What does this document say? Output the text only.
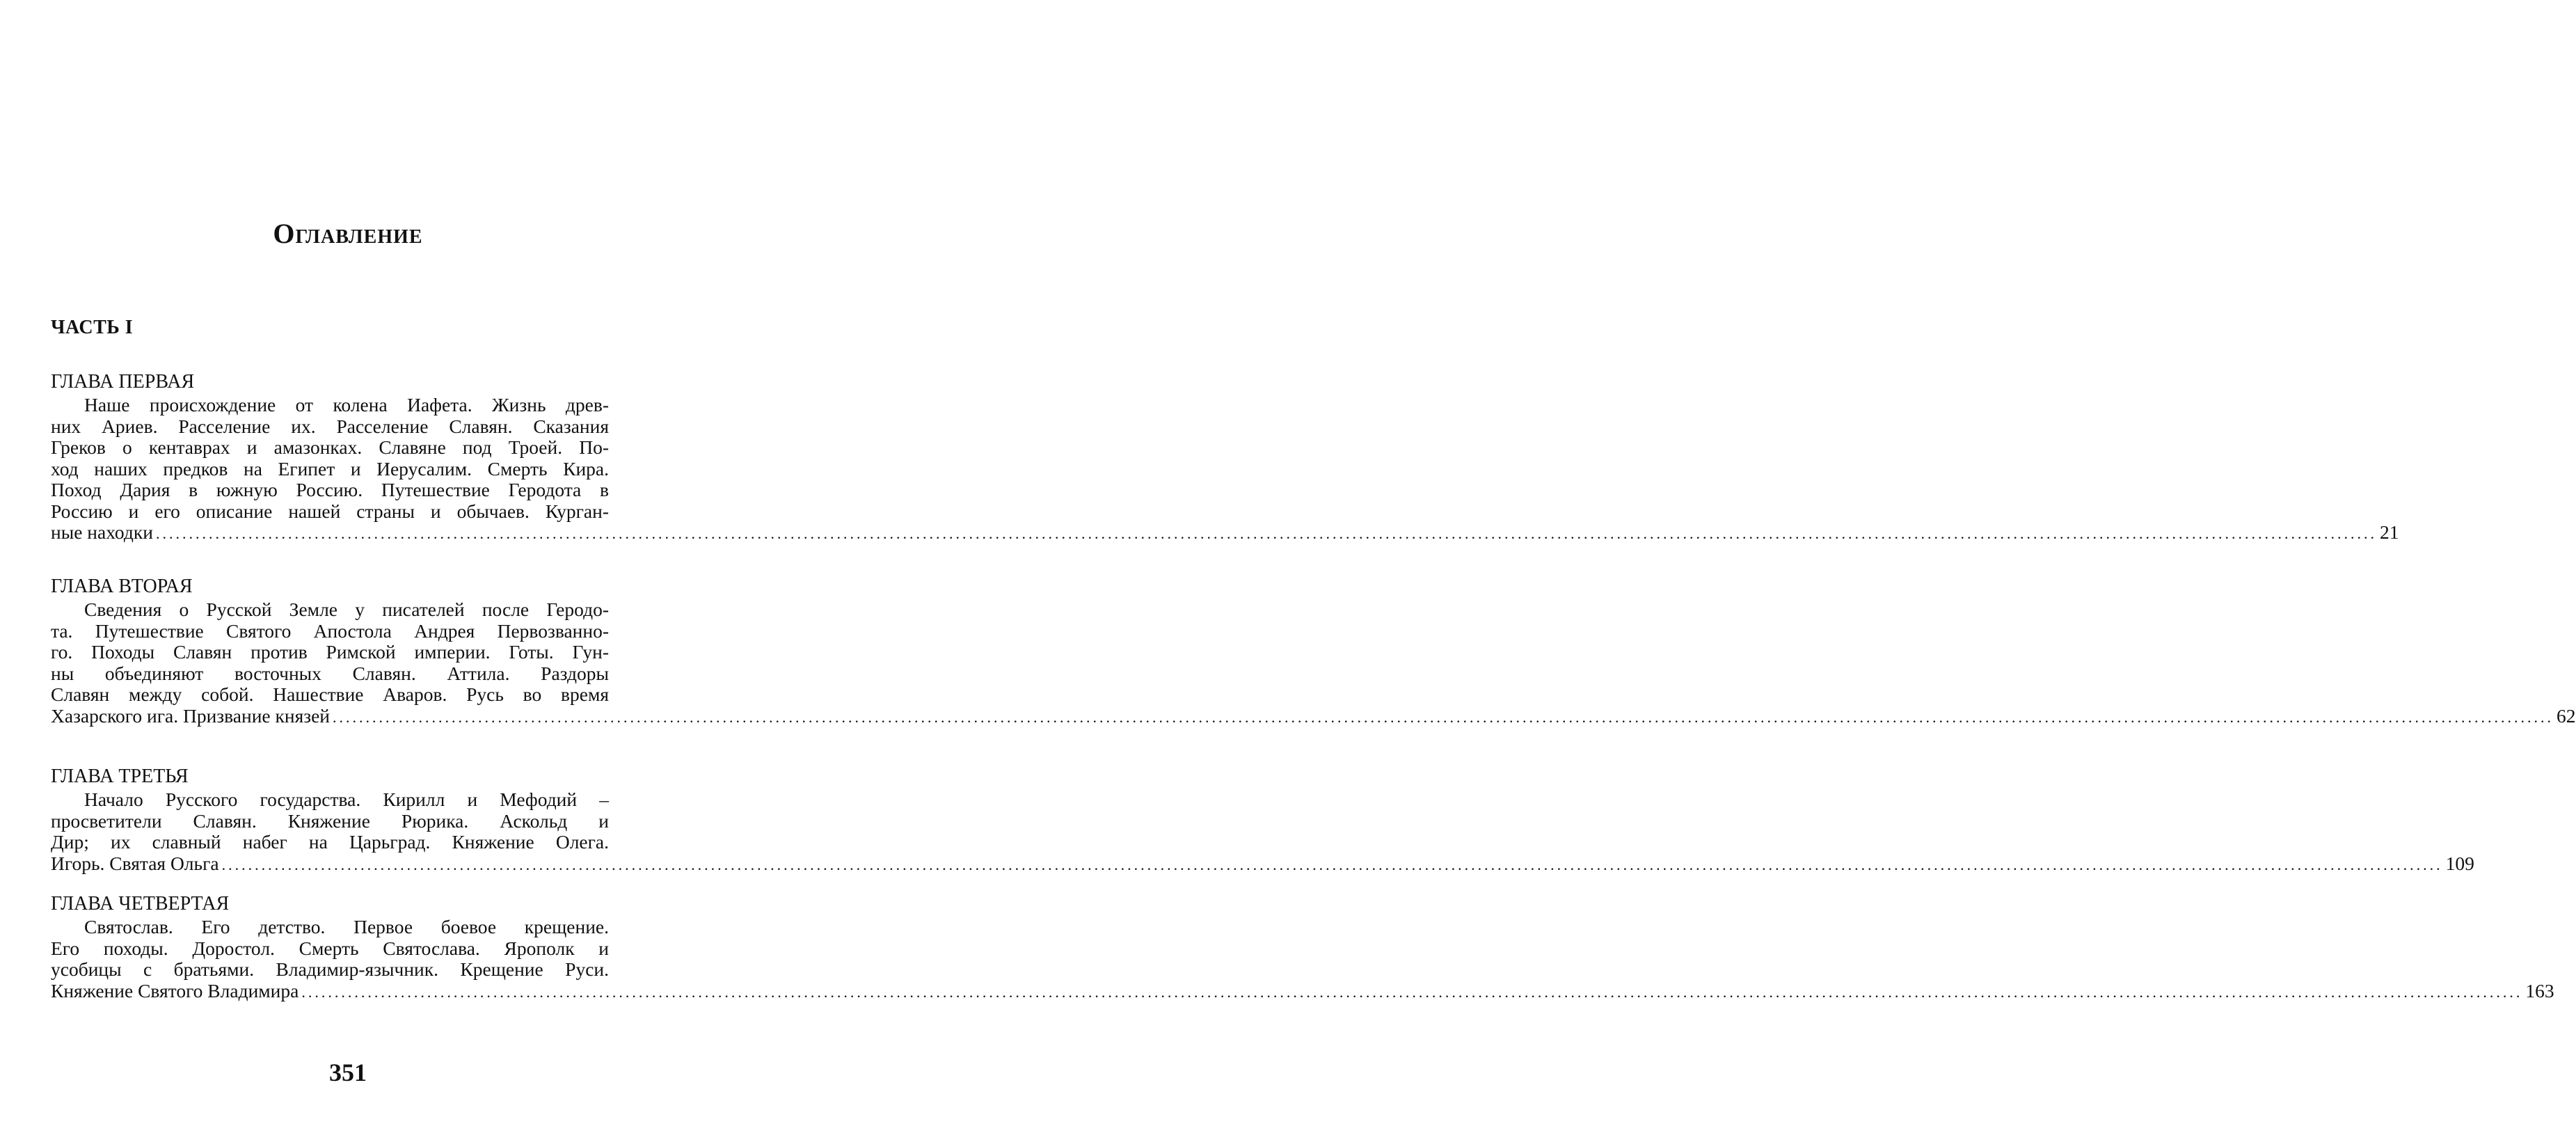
Оглавление
ЧАСТЬ I
ГЛАВА ПЕРВАЯ
Наше происхождение от колена Иафета. Жизнь древ-
них Ариев. Расселение их. Расселение Славян. Сказания
Греков о кентаврах и амазонках. Славяне под Троей. По-
ход наших предков на Египет и Иерусалим. Смерть Кира.
Поход Дария в южную Россию. Путешествие Геродота в
Россию и его описание нашей страны и обычаев. Курган-
ные находки ................................................................................................................................................................................................................................................................................................................................................ 21
ГЛАВА ВТОРАЯ
Сведения о Русской Земле у писателей после Геродо-
та. Путешествие Святого Апостола Андрея Первозванно-
го. Походы Славян против Римской империи. Готы. Гун-
ны объединяют восточных Славян. Аттила. Раздоры
Славян между собой. Нашествие Аваров. Русь во время
Хазарского ига. Призвание князей ................................................................................................................................................................................................................................................................................................................................................ 62
ГЛАВА ТРЕТЬЯ
Начало Русского государства. Кирилл и Мефодий –
просветители Славян. Княжение Рюрика. Аскольд и
Дир; их славный набег на Царьград. Княжение Олега.
Игорь. Святая Ольга ................................................................................................................................................................................................................................................................................................................................................ 109
ГЛАВА ЧЕТВЕРТАЯ
Святослав. Его детство. Первое боевое крещение.
Его походы. Доростол. Смерть Святослава. Ярополк и
усобицы с братьями. Владимир-язычник. Крещение Руси.
Княжение Святого Владимира ................................................................................................................................................................................................................................................................................................................................................ 163
351
